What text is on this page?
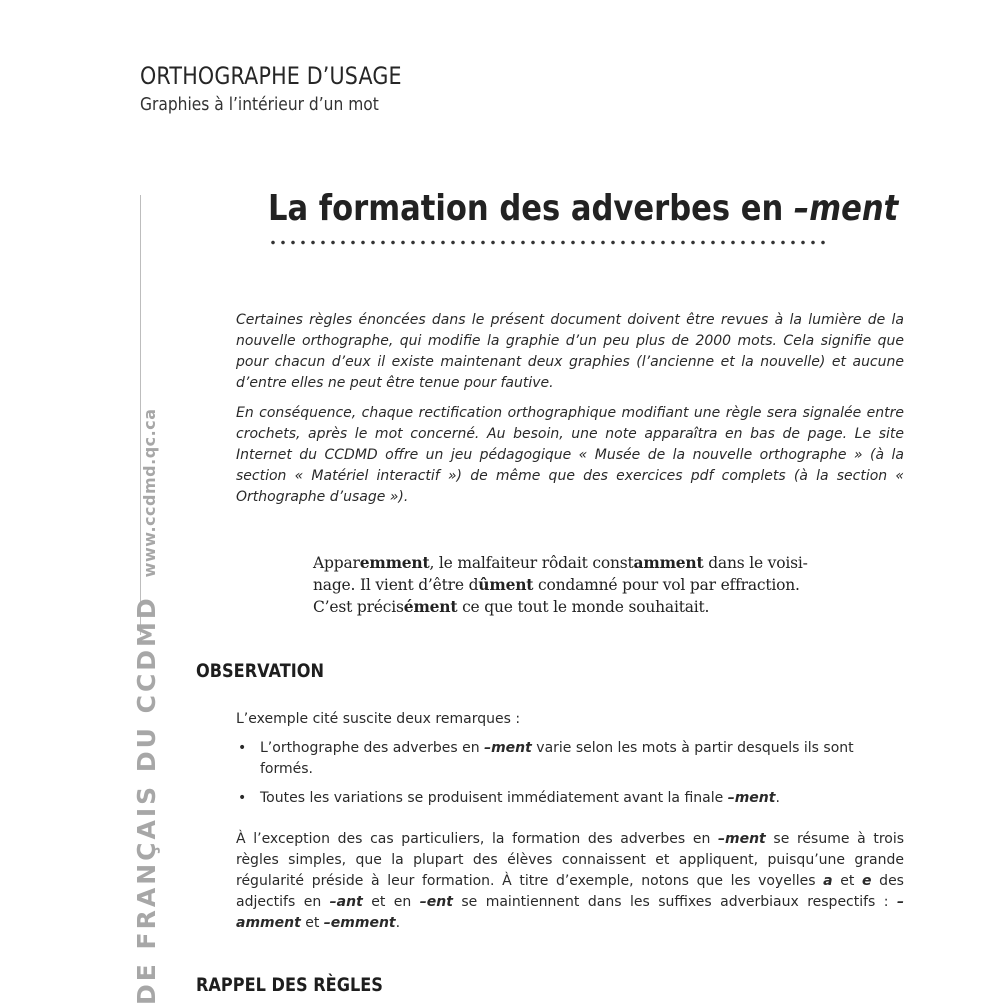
ORTHOGRAPHE D’USAGE
Graphies à l’intérieur d’un mot
DE FRANÇAIS DU CCDMD
www.ccdmd.qc.ca
La formation des adverbes en –ment

Certaines règles énoncées dans le présent document doivent être revues à la lumière de la nouvelle orthographe, qui modifie la graphie d’un peu plus de 2000 mots. Cela signifie que pour chacun d’eux il existe maintenant deux graphies (l’ancienne et la nouvelle) et aucune d’entre elles ne peut être tenue pour fautive.

En conséquence, chaque rectification orthographique modifiant une règle sera signalée entre crochets, après le mot concerné. Au besoin, une note apparaîtra en bas de page. Le site Internet du CCDMD offre un jeu pédagogique « Musée de la nouvelle orthographe » (à la section « Matériel interactif ») de même que des exercices pdf complets (à la section « Orthographe d’usage »).

Apparemment, le malfaiteur rôdait constamment dans le voisi-

nage. Il vient d’être dûment condamné pour vol par effraction.

C’est précisément ce que tout le monde souhaitait.

OBSERVATION

L’exemple cité suscite deux remarques :

• L’orthographe des adverbes en –ment varie selon les mots à partir desquels ils sont formés.
• Toutes les variations se produisent immédiatement avant la finale –ment.

À l’exception des cas particuliers, la formation des adverbes en –ment se résume à trois règles simples, que la plupart des élèves connaissent et appliquent, puisqu’une grande régularité préside à leur formation. À titre d’exemple, notons que les voyelles a et e des adjectifs en –ant et en –ent se maintiennent dans les suffixes adverbiaux respectifs : –amment et –emment.

RAPPEL DES RÈGLES
